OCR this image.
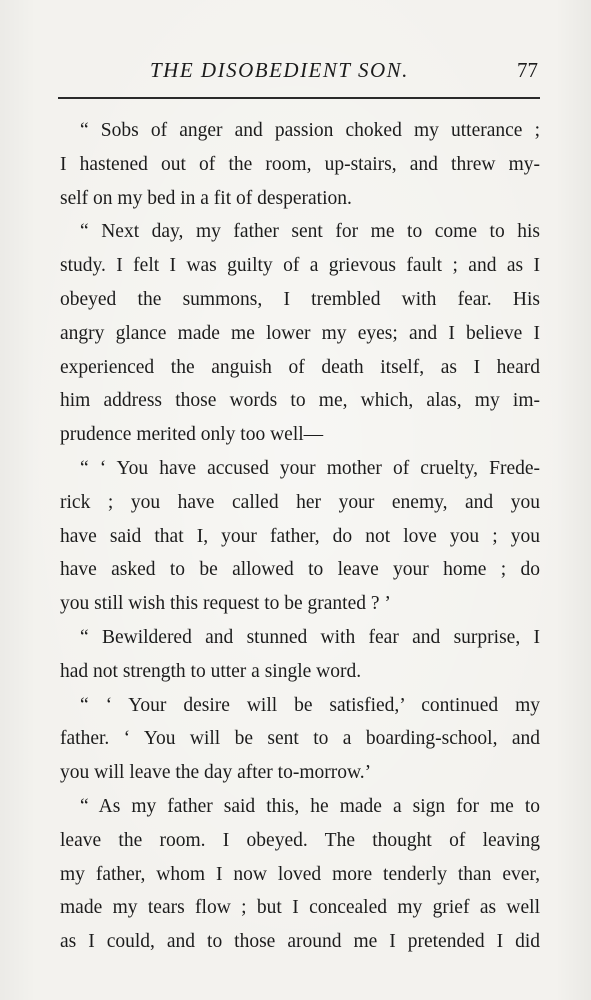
THE DISOBEDIENT SON.	77
“ Sobs of anger and passion choked my utterance ;
I hastened out of the room, up-stairs, and threw my-
self on my bed in a fit of desperation.
“ Next day, my father sent for me to come to his
study. I felt I was guilty of a grievous fault ; and as I
obeyed the summons, I trembled with fear. His
angry glance made me lower my eyes; and I believe I
experienced the anguish of death itself, as I heard
him address those words to me, which, alas, my im-
prudence merited only too well—
“ ‘ You have accused your mother of cruelty, Frede-
rick ; you have called her your enemy, and you
have said that I, your father, do not love you ; you
have asked to be allowed to leave your home ; do
you still wish this request to be granted ? ’
“ Bewildered and stunned with fear and surprise, I
had not strength to utter a single word.
“ ‘ Your desire will be satisfied,’ continued my
father. ‘ You will be sent to a boarding-school, and
you will leave the day after to-morrow.’
“ As my father said this, he made a sign for me to
leave the room. I obeyed. The thought of leaving
my father, whom I now loved more tenderly than ever,
made my tears flow ; but I concealed my grief as well
as I could, and to those around me I pretended I did
